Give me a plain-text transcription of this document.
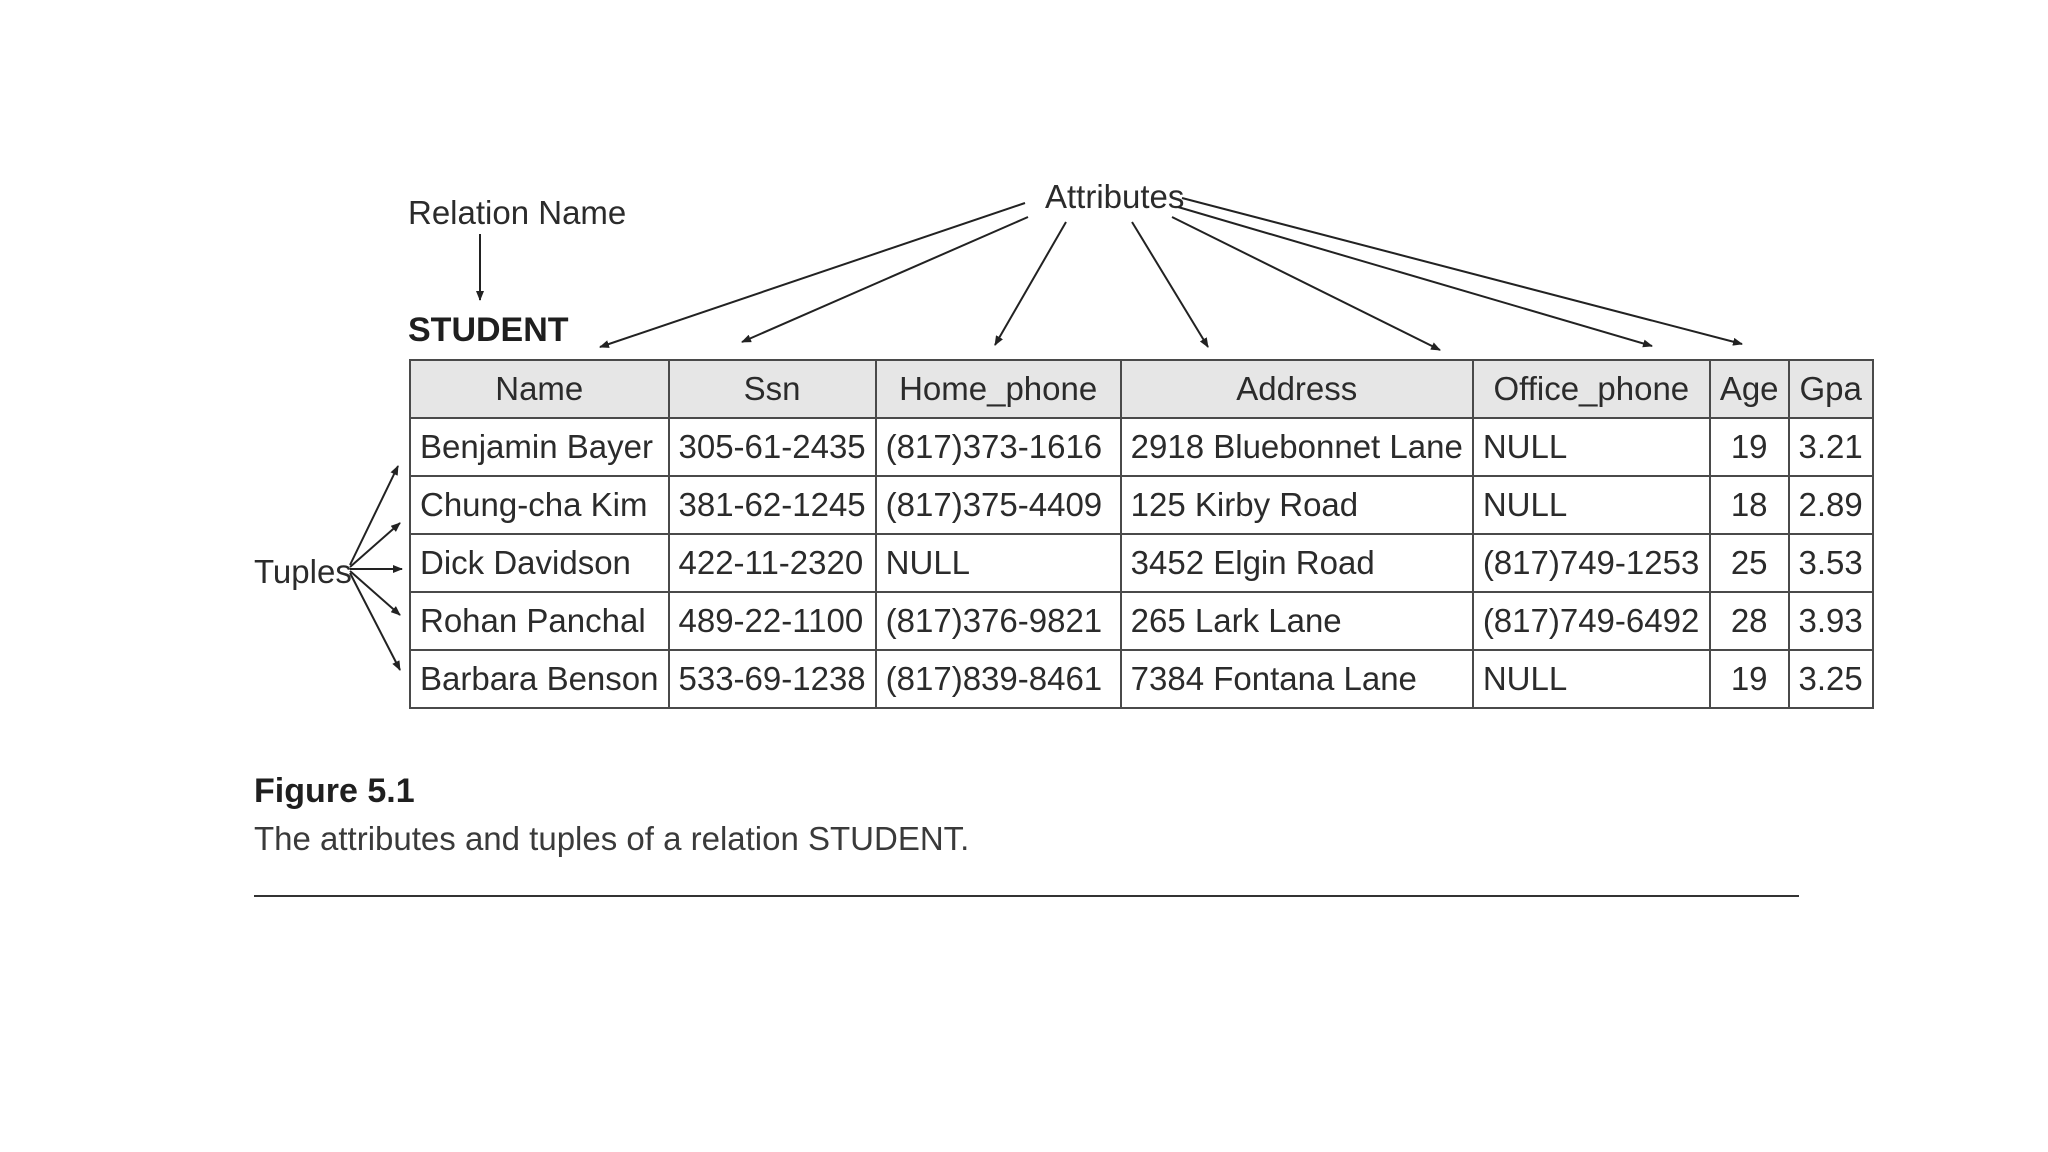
Relation Name	Attributes
STUDENT
Tuples
Name	Ssn	Home_phone	Address	Office_phone	Age	Gpa
Benjamin Bayer	305-61-2435	(817)373-1616	2918 Bluebonnet Lane	NULL	19	3.21
Chung-cha Kim	381-62-1245	(817)375-4409	125 Kirby Road	NULL	18	2.89
Dick Davidson	422-11-2320	NULL	3452 Elgin Road	(817)749-1253	25	3.53
Rohan Panchal	489-22-1100	(817)376-9821	265 Lark Lane	(817)749-6492	28	3.93
Barbara Benson	533-69-1238	(817)839-8461	7384 Fontana Lane	NULL	19	3.25
Figure 5.1
The attributes and tuples of a relation STUDENT.
